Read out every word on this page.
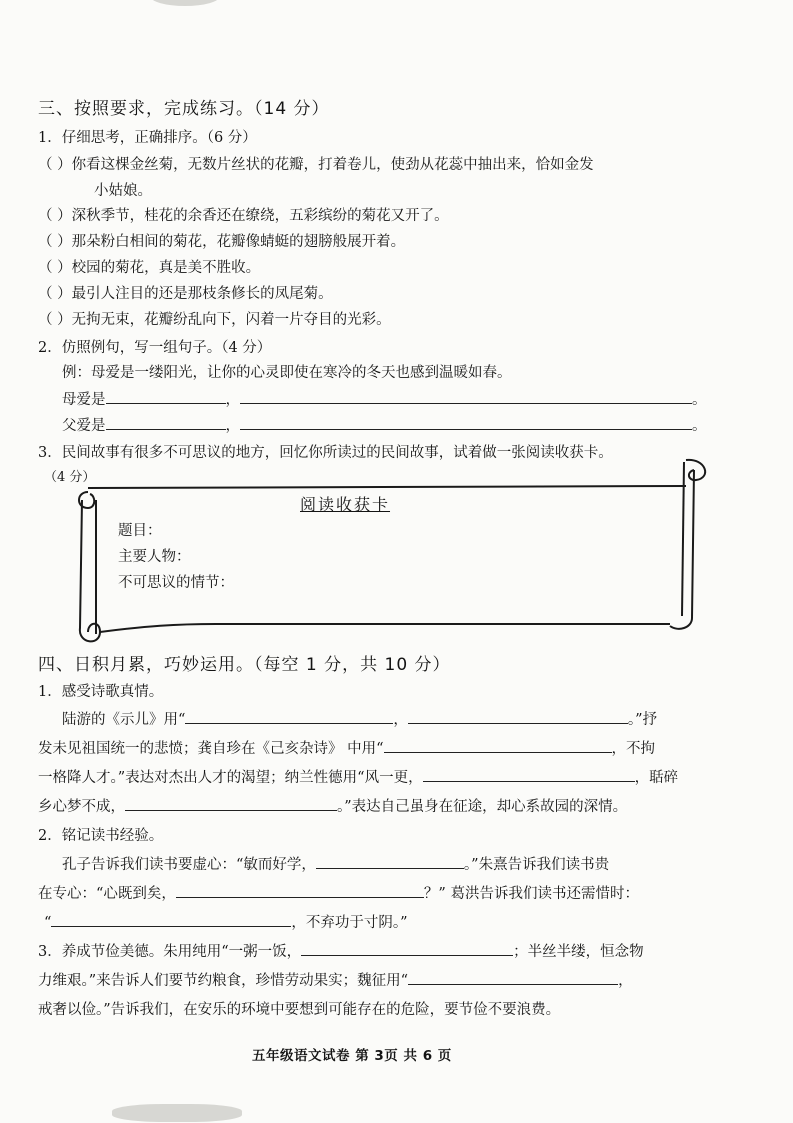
三、按照要求，完成练习。（14 分）
1．仔细思考，正确排序。（6 分）
（ ）你看这棵金丝菊，无数片丝状的花瓣，打着卷儿，使劲从花蕊中抽出来，恰如金发
小姑娘。
（ ）深秋季节，桂花的余香还在缭绕，五彩缤纷的菊花又开了。
（ ）那朵粉白相间的菊花，花瓣像蜻蜓的翅膀般展开着。
（ ）校园的菊花，真是美不胜收。
（ ）最引人注目的还是那枝条修长的凤尾菊。
（ ）无拘无束，花瓣纷乱向下，闪着一片夺目的光彩。
2．仿照例句，写一组句子。（4 分）
例：母爱是一缕阳光，让你的心灵即使在寒冷的冬天也感到温暖如春。
母爱是	，	。
父爱是	，	。
3．民间故事有很多不可思议的地方，回忆你所读过的民间故事，试着做一张阅读收获卡。
（4 分）
阅读收获卡
题目：
主要人物：
不可思议的情节：
四、日积月累，巧妙运用。（每空 1 分，共 10 分）
1．感受诗歌真情。
陆游的《示儿》用“	，	。”抒
发未见祖国统一的悲愤；龚自珍在《己亥杂诗》 中用“	，不拘
一格降人才。”表达对杰出人才的渴望；纳兰性德用“风一更，	，聒碎
乡心梦不成，	。”表达自己虽身在征途，却心系故园的深情。
2．铭记读书经验。
孔子告诉我们读书要虚心：“敏而好学，	。”朱熹告诉我们读书贵
在专心：“心既到矣，	？” 葛洪告诉我们读书还需惜时：
“	，不弃功于寸阴。”
3．养成节俭美德。朱用纯用“一粥一饭，	；半丝半缕，恒念物
力维艰。”来告诉人们要节约粮食，珍惜劳动果实；魏征用“	，
戒奢以俭。”告诉我们，在安乐的环境中要想到可能存在的危险，要节俭不要浪费。
五年级语文试卷 第 3页 共 6 页
